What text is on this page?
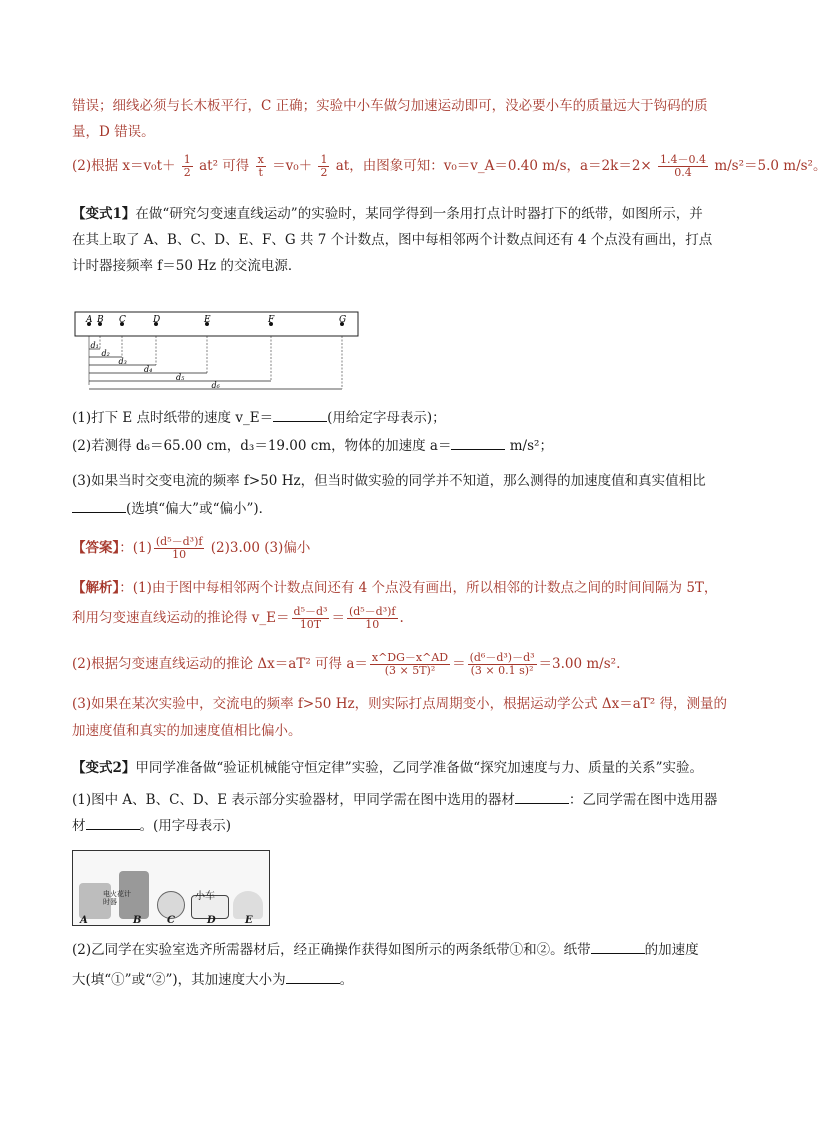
错误；细线必须与长木板平行，C 正确；实验中小车做匀加速运动即可，没必要小车的质量远大于钩码的质
量，D 错误。
(2)根据 $x=v_0t+ \frac{1}{2} at^2$ 可得 $\frac{x}{t} =v_0+ \frac{1}{2}$ at，由图象可知：v₀＝v_A＝0.40 m/s，$a=2k=2\times \frac{1.4-0.4}{0.4} m/s^2=5.0$ m/s²。
【变式1】在做“研究匀变速直线运动”的实验时，某同学得到一条用打点计时器打下的纸带，如图所示，并
在其上取了 A、B、C、D、E、F、G 共 7 个计数点，图中每相邻两个计数点间还有 4 个点没有画出，打点
计时器接频率 f＝50 Hz 的交流电源．
A B C	D	E	F	G
d₁
d₂
d₃
d₄
d₅
d₆
(1)打下 E 点时纸带的速度 v_E＝	(用给定字母表示)；
(2)若测得 d₆＝65.00 cm，d₃＝19.00 cm，物体的加速度 a＝	m/s²；
(3)如果当时交变电流的频率 f>50 Hz，但当时做实验的同学并不知道，那么测得的加速度值和真实值相比
(选填“偏大”或“偏小”)．
【答案】：$(1) \frac{\text{(d⁵－d³)f}}{10} (2)3.00$ (3)偏小
【解析】：(1)由于图中每相邻两个计数点间还有 4 个点没有画出，所以相邻的计数点之间的时间间隔为 5T，
利用匀变速直线运动的推论得 v_E＝ $\frac{\text{d⁵－d³}}{10T} = \frac{\text{(d⁵－d³)f}}{10}$ .
(2)根据匀变速直线运动的推论 Δx＝aT² 可得 $a= \frac{x\^{}DG-x\^{}AD}{\text{(3 × 5T)²}} = \frac{\text{(d⁶－d³)－d³}}{\text{(3 × 0.1 s)²}} =3.00$ m/s².
(3)如果在某次实验中，交流电的频率 f>50 Hz，则实际打点周期变小，根据运动学公式 Δx＝aT² 得，测量的
加速度值和真实的加速度值相比偏小。
【变式2】甲同学准备做“验证机械能守恒定律”实验，乙同学准备做“探究加速度与力、质量的关系”实验。
(1)图中 A、B、C、D、E 表示部分实验器材，甲同学需在图中选用的器材	：乙同学需在图中选用器
材	。(用字母表示)
电火花计时器	小车
A	B	C	D	E
(2)乙同学在实验室选齐所需器材后，经正确操作获得如图所示的两条纸带①和②。纸带	的加速度
大(填“①”或“②”)，其加速度大小为	。
